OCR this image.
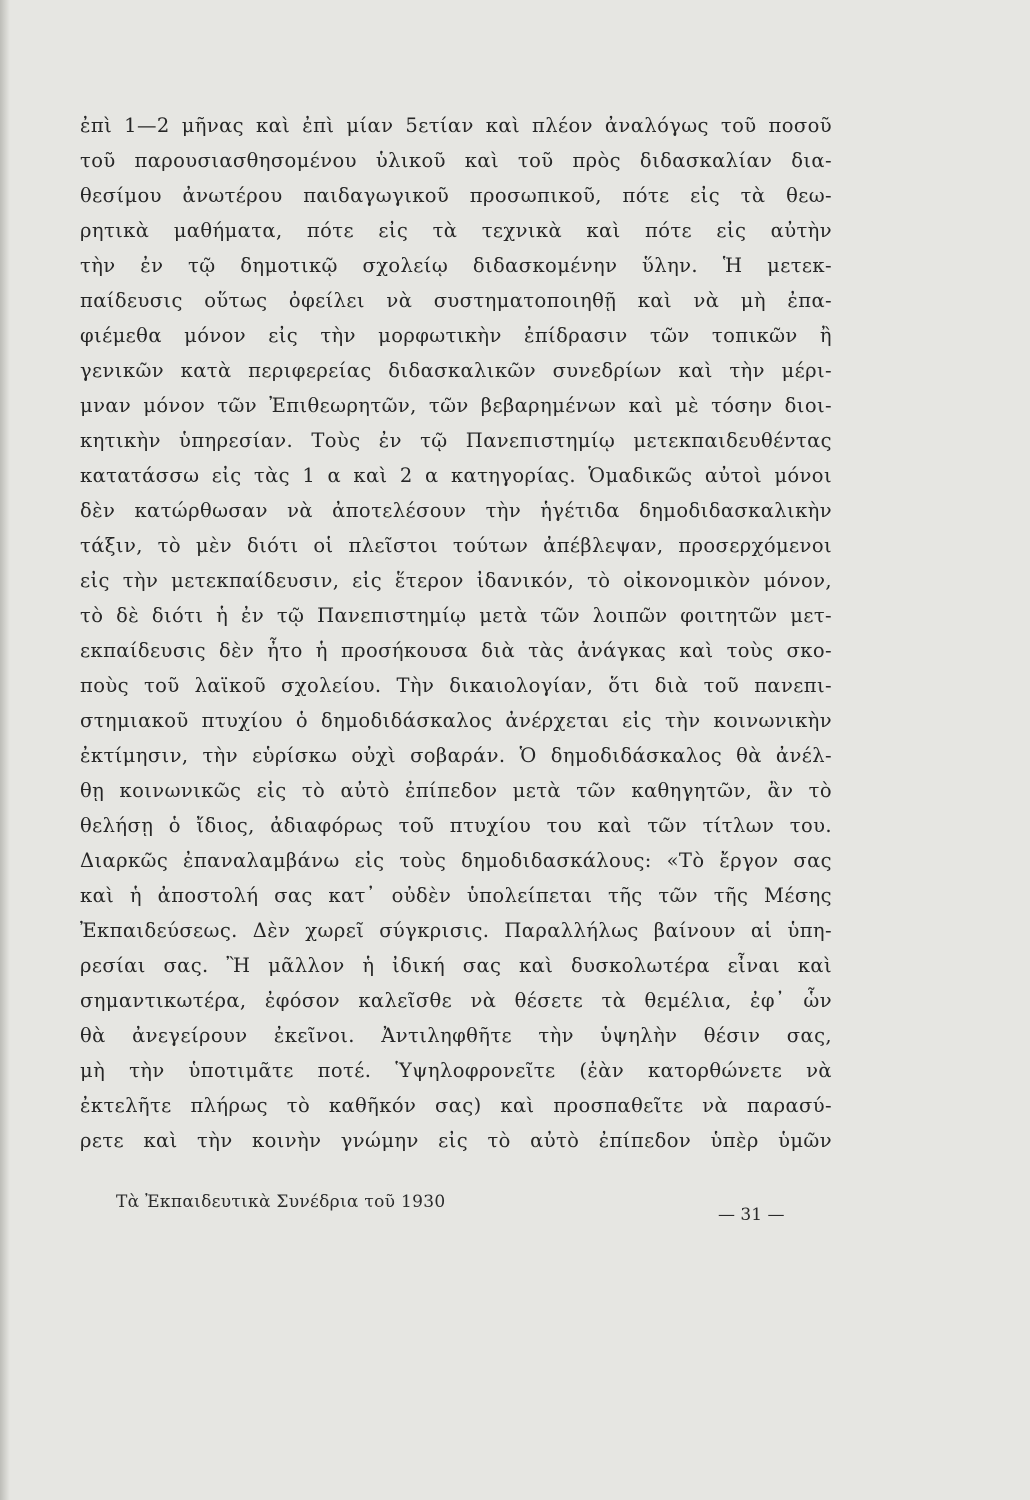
ἐπὶ 1—2 μῆνας καὶ ἐπὶ μίαν 5ετίαν καὶ πλέον ἀναλόγως τοῦ ποσοῦ
τοῦ παρουσιασθησομένου ὑλικοῦ καὶ τοῦ πρὸς διδασκαλίαν δια-
θεσίμου ἀνωτέρου παιδαγωγικοῦ προσωπικοῦ, πότε εἰς τὰ θεω-
ρητικὰ μαθήματα, πότε εἰς τὰ τεχνικὰ καὶ πότε εἰς αὐτὴν
τὴν ἐν τῷ δημοτικῷ σχολείῳ διδασκομένην ὕλην. Ἡ μετεκ-
παίδευσις οὕτως ὀφείλει νὰ συστηματοποιηθῇ καὶ νὰ μὴ ἐπα-
φιέμεθα μόνον εἰς τὴν μορφωτικὴν ἐπίδρασιν τῶν τοπικῶν ἢ
γενικῶν κατὰ περιφερείας διδασκαλικῶν συνεδρίων καὶ τὴν μέρι-
μναν μόνον τῶν Ἐπιθεωρητῶν, τῶν βεβαρημένων καὶ μὲ τόσην διοι-
κητικὴν ὑπηρεσίαν. Τοὺς ἐν τῷ Πανεπιστημίῳ μετεκπαιδευθέντας
κατατάσσω εἰς τὰς 1 α καὶ 2 α κατηγορίας. Ὁμαδικῶς αὐτοὶ μόνοι
δὲν κατώρθωσαν νὰ ἀποτελέσουν τὴν ἡγέτιδα δημοδιδασκαλικὴν
τάξιν, τὸ μὲν διότι οἱ πλεῖστοι τούτων ἀπέβλεψαν, προσερχόμενοι
εἰς τὴν μετεκπαίδευσιν, εἰς ἕτερον ἰδανικόν, τὸ οἰκονομικὸν μόνον,
τὸ δὲ διότι ἡ ἐν τῷ Πανεπιστημίῳ μετὰ τῶν λοιπῶν φοιτητῶν μετ-
εκπαίδευσις δὲν ἦτο ἡ προσήκουσα διὰ τὰς ἀνάγκας καὶ τοὺς σκο-
ποὺς τοῦ λαϊκοῦ σχολείου. Τὴν δικαιολογίαν, ὅτι διὰ τοῦ πανεπι-
στημιακοῦ πτυχίου ὁ δημοδιδάσκαλος ἀνέρχεται εἰς τὴν κοινωνικὴν
ἐκτίμησιν, τὴν εὑρίσκω οὐχὶ σοβαράν. Ὁ δημοδιδάσκαλος θὰ ἀνέλ-
θῃ κοινωνικῶς εἰς τὸ αὐτὸ ἐπίπεδον μετὰ τῶν καθηγητῶν, ἂν τὸ
θελήσῃ ὁ ἴδιος, ἀδιαφόρως τοῦ πτυχίου του καὶ τῶν τίτλων του.
Διαρκῶς ἐπαναλαμβάνω εἰς τοὺς δημοδιδασκάλους: «Τὸ ἔργον σας
καὶ ἡ ἀποστολή σας κατ᾿ οὐδὲν ὑπολείπεται τῆς τῶν τῆς Μέσης
Ἐκπαιδεύσεως. Δὲν χωρεῖ σύγκρισις. Παραλλήλως βαίνουν αἱ ὑπη-
ρεσίαι σας. Ἢ μᾶλλον ἡ ἰδική σας καὶ δυσκολωτέρα εἶναι καὶ
σημαντικωτέρα, ἐφόσον καλεῖσθε νὰ θέσετε τὰ θεμέλια, ἐφ᾿ ὧν
θὰ ἀνεγείρουν ἐκεῖνοι. Ἀντιληφθῆτε τὴν ὑψηλὴν θέσιν σας,
μὴ τὴν ὑποτιμᾶτε ποτέ. Ὑψηλοφρονεῖτε (ἐὰν κατορθώνετε νὰ
ἐκτελῆτε πλήρως τὸ καθῆκόν σας) καὶ προσπαθεῖτε νὰ παρασύ-
ρετε καὶ τὴν κοινὴν γνώμην εἰς τὸ αὐτὸ ἐπίπεδον ὑπὲρ ὑμῶν
Τὰ Ἐκπαιδευτικὰ Συνέδρια τοῦ 1930
— 31 —
